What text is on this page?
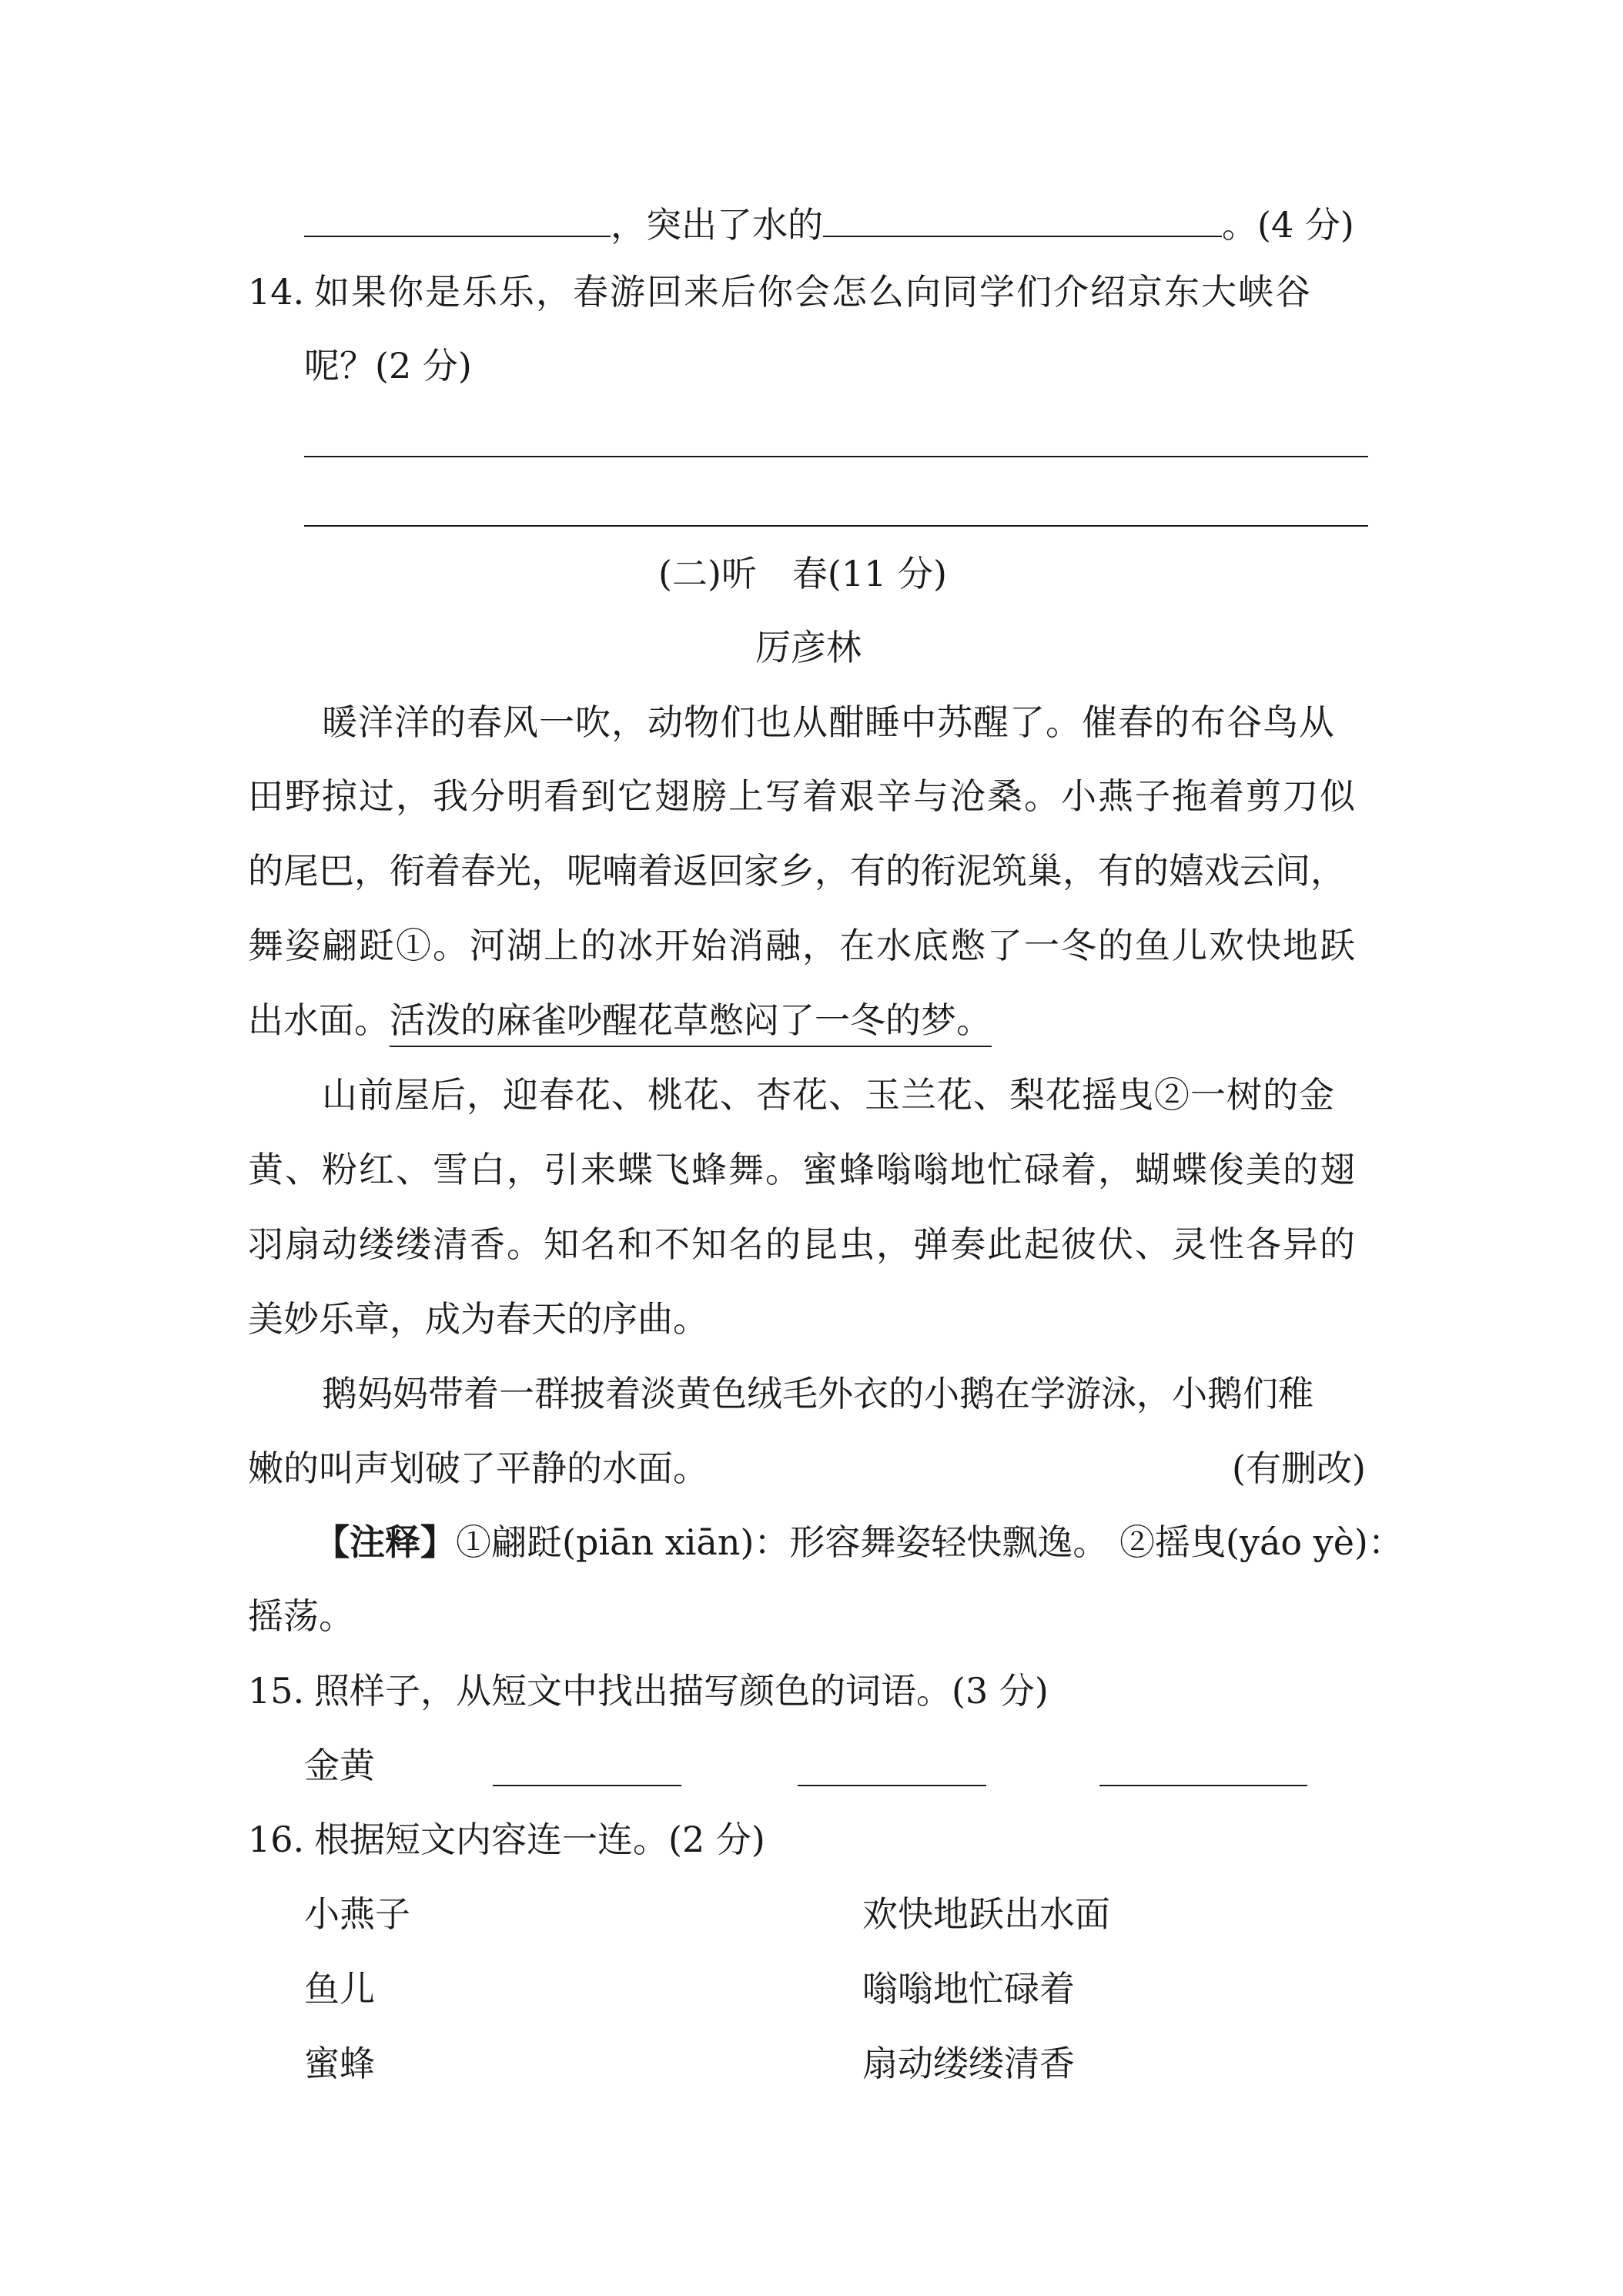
，突出了水的	。(4 分)
14. 如果你是乐乐，春游回来后你会怎么向同学们介绍京东大峡谷
呢？(2 分)
(二)听 春(11 分)
厉彦林
暖洋洋的春风一吹，动物们也从酣睡中苏醒了。催春的布谷鸟从
田野掠过，我分明看到它翅膀上写着艰辛与沧桑。小燕子拖着剪刀似
的尾巴，衔着春光，呢喃着返回家乡，有的衔泥筑巢，有的嬉戏云间，
舞姿翩跹①。河湖上的冰开始消融，在水底憋了一冬的鱼儿欢快地跃
出水面。活泼的麻雀吵醒花草憋闷了一冬的梦。
山前屋后，迎春花、桃花、杏花、玉兰花、梨花摇曳②一树的金
黄、粉红、雪白，引来蝶飞蜂舞。蜜蜂嗡嗡地忙碌着，蝴蝶俊美的翅
羽扇动缕缕清香。知名和不知名的昆虫，弹奏此起彼伏、灵性各异的
美妙乐章，成为春天的序曲。
鹅妈妈带着一群披着淡黄色绒毛外衣的小鹅在学游泳，小鹅们稚
嫩的叫声划破了平静的水面。	(有删改)
【注释】①翩跹(piān xiān)：形容舞姿轻快飘逸。 ②摇曳(yáo yè)：
摇荡。
15. 照样子，从短文中找出描写颜色的词语。(3 分)
金黄
16. 根据短文内容连一连。(2 分)
小燕子
鱼儿
蜜蜂
欢快地跃出水面
嗡嗡地忙碌着
扇动缕缕清香
